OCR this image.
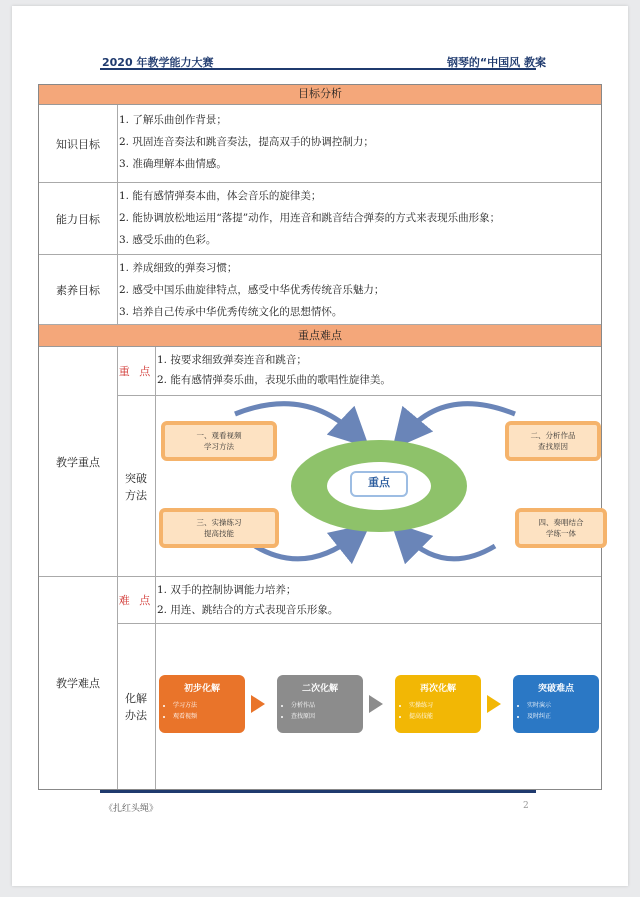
2020 年教学能力大赛	钢琴的“中国风 教案
目标分析
知识目标
1. 了解乐曲创作背景；
2. 巩固连音奏法和跳音奏法，提高双手的协调控制力；
3. 准确理解本曲情感。
能力目标
1. 能有感情弹奏本曲，体会音乐的旋律美；
2. 能协调放松地运用“落提”动作，用连音和跳音结合弹奏的方式来表现乐曲形象；
3. 感受乐曲的色彩。
素养目标
1. 养成细致的弹奏习惯；
2. 感受中国乐曲旋律特点，感受中华优秀传统音乐魅力；
3. 培养自己传承中华优秀传统文化的思想情怀。
重点难点
教学重点
重 点
1. 按要求细致弹奏连音和跳音；
2. 能有感情弹奏乐曲，表现乐曲的歌唱性旋律美。
突破方法
重点
一、观看视频
学习方法
二、分析作品
查找原因
三、实操练习
提高技能
四、奏唱结合
学练一体
教学难点
难 点
1. 双手的控制协调能力培养；
2. 用连、跳结合的方式表现音乐形象。
化解办法
初步化解
• 学习方法
• 观看视频
二次化解
• 分析作品
• 查找原因
再次化解
• 实操练习
• 提高技能
突破难点
• 实时演示
• 及时纠正
《扎红头绳》	2
